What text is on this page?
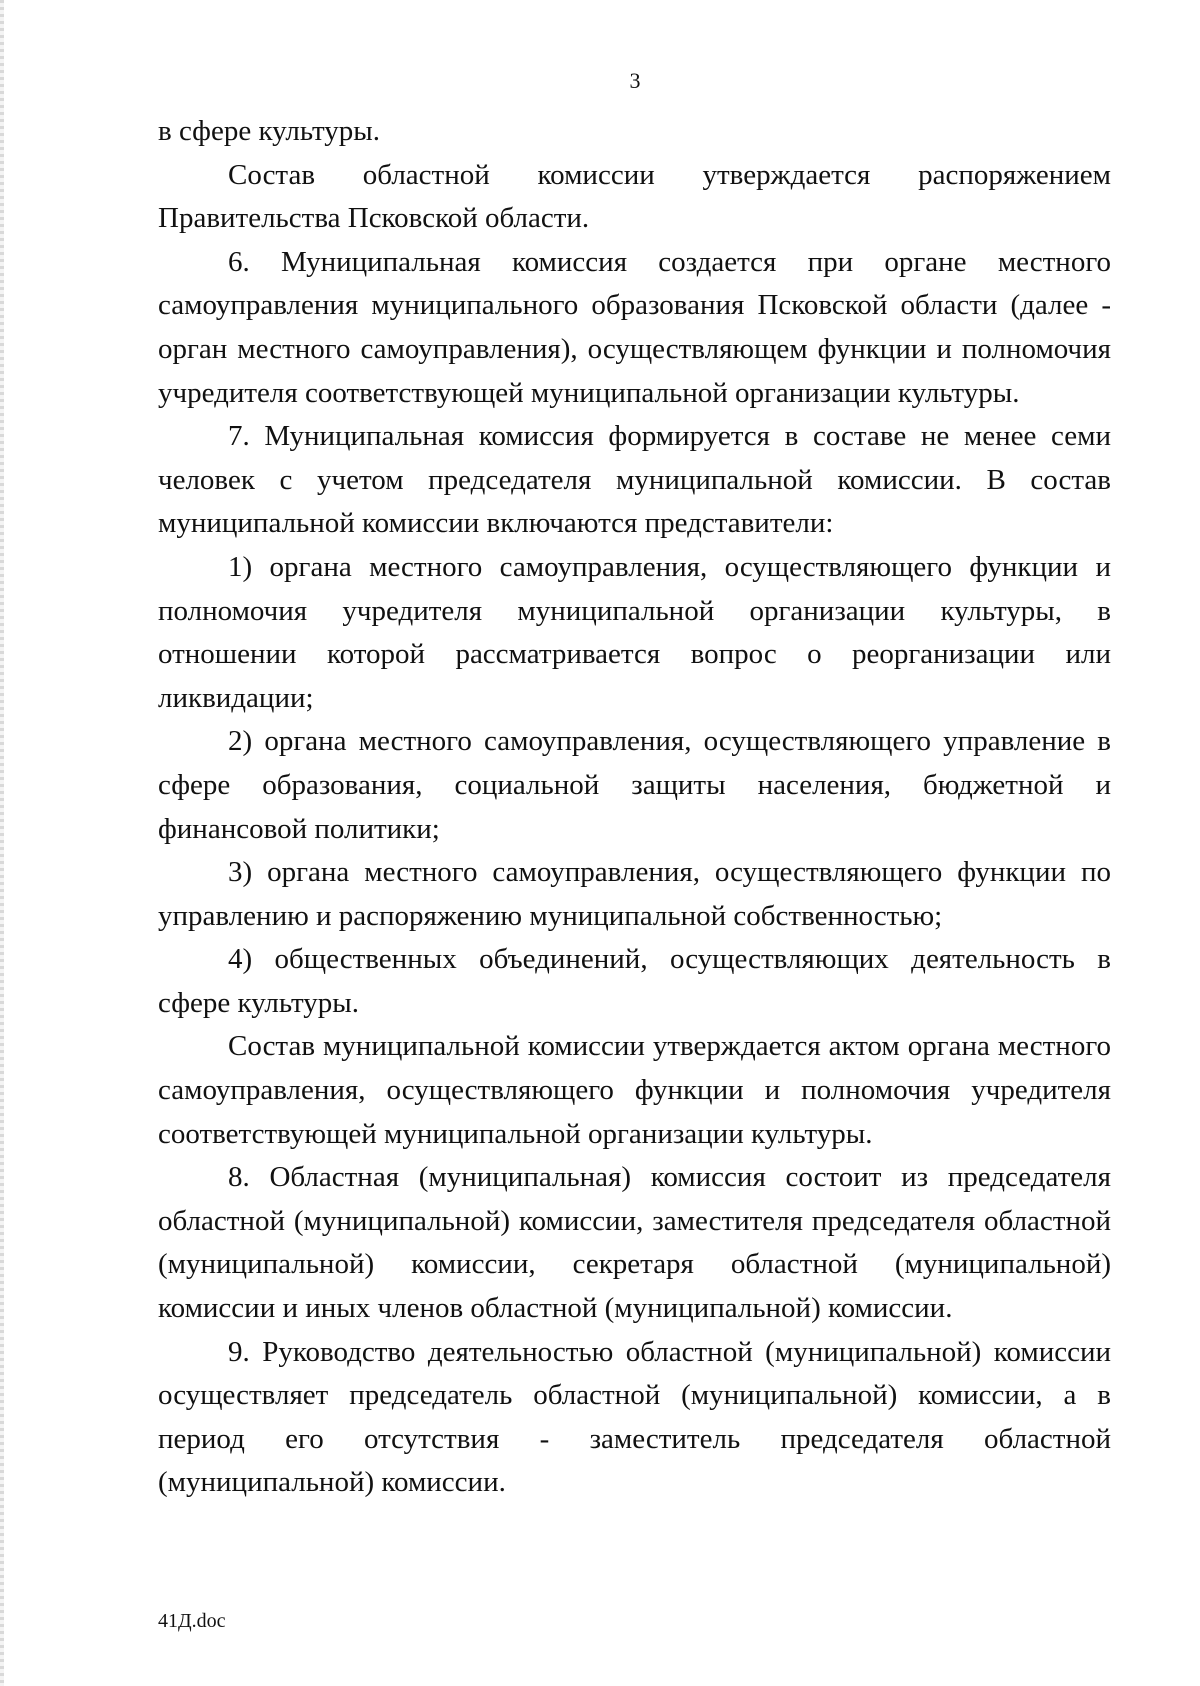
3

в сфере культуры.

Состав областной комиссии утверждается распоряжением Правительства Псковской области.

6. Муниципальная комиссия создается при органе местного самоуправления муниципального образования Псковской области (далее - орган местного самоуправления), осуществляющем функции и полномочия учредителя соответствующей муниципальной организации культуры.

7. Муниципальная комиссия формируется в составе не менее семи человек с учетом председателя муниципальной комиссии. В состав муниципальной комиссии включаются представители:

1) органа местного самоуправления, осуществляющего функции и полномочия учредителя муниципальной организации культуры, в отношении которой рассматривается вопрос о реорганизации или ликвидации;

2) органа местного самоуправления, осуществляющего управление в сфере образования, социальной защиты населения, бюджетной и финансовой политики;

3) органа местного самоуправления, осуществляющего функции по управлению и распоряжению муниципальной собственностью;

4) общественных объединений, осуществляющих деятельность в сфере культуры.

Состав муниципальной комиссии утверждается актом органа местного самоуправления, осуществляющего функции и полномочия учредителя соответствующей муниципальной организации культуры.

8. Областная (муниципальная) комиссия состоит из председателя областной (муниципальной) комиссии, заместителя председателя областной (муниципальной) комиссии, секретаря областной (муниципальной) комиссии и иных членов областной (муниципальной) комиссии.

9. Руководство деятельностью областной (муниципальной) комиссии осуществляет председатель областной (муниципальной) комиссии, а в период его отсутствия - заместитель председателя областной (муниципальной) комиссии.

41Д.doc
